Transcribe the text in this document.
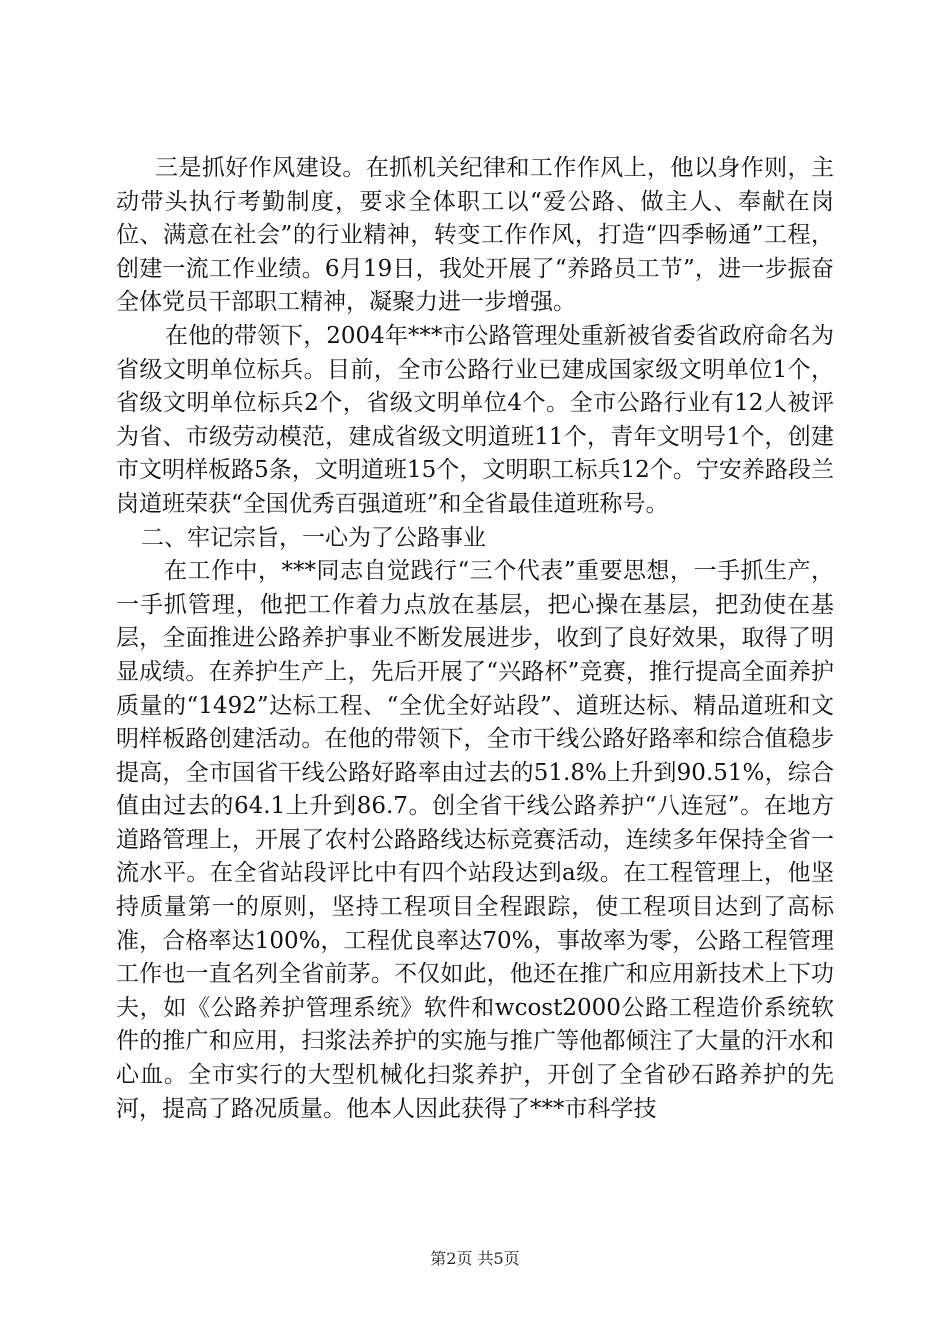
三是抓好作风建设。在抓机关纪律和工作作风上，他以身作则，主动带头执行考勤制度，要求全体职工以“爱公路、做主人、奉献在岗位、满意在社会”的行业精神，转变工作作风，打造“四季畅通”工程，创建一流工作业绩。6月19日，我处开展了“养路员工节”，进一步振奋全体党员干部职工精神，凝聚力进一步增强。

在他的带领下，2004年***市公路管理处重新被省委省政府命名为省级文明单位标兵。目前，全市公路行业已建成国家级文明单位1个，省级文明单位标兵2个，省级文明单位4个。全市公路行业有12人被评为省、市级劳动模范，建成省级文明道班11个，青年文明号1个，创建市文明样板路5条，文明道班15个，文明职工标兵12个。宁安养路段兰岗道班荣获“全国优秀百强道班”和全省最佳道班称号。

二、牢记宗旨，一心为了公路事业

在工作中，***同志自觉践行“三个代表”重要思想，一手抓生产，一手抓管理，他把工作着力点放在基层，把心操在基层，把劲使在基层，全面推进公路养护事业不断发展进步，收到了良好效果，取得了明显成绩。在养护生产上，先后开展了“兴路杯”竞赛，推行提高全面养护质量的“1492”达标工程、“全优全好站段”、道班达标、精品道班和文明样板路创建活动。在他的带领下，全市干线公路好路率和综合值稳步提高，全市国省干线公路好路率由过去的51.8%上升到90.51%，综合值由过去的64.1上升到86.7。创全省干线公路养护“八连冠”。在地方道路管理上，开展了农村公路路线达标竞赛活动，连续多年保持全省一流水平。在全省站段评比中有四个站段达到a级。在工程管理上，他坚持质量第一的原则，坚持工程项目全程跟踪，使工程项目达到了高标准，合格率达100%，工程优良率达70%，事故率为零，公路工程管理工作也一直名列全省前茅。不仅如此，他还在推广和应用新技术上下功夫，如《公路养护管理系统》软件和wcost2000公路工程造价系统软件的推广和应用，扫浆法养护的实施与推广等他都倾注了大量的汗水和心血。全市实行的大型机械化扫浆养护，开创了全省砂石路养护的先河，提高了路况质量。他本人因此获得了***市科学技

第2页 共5页
